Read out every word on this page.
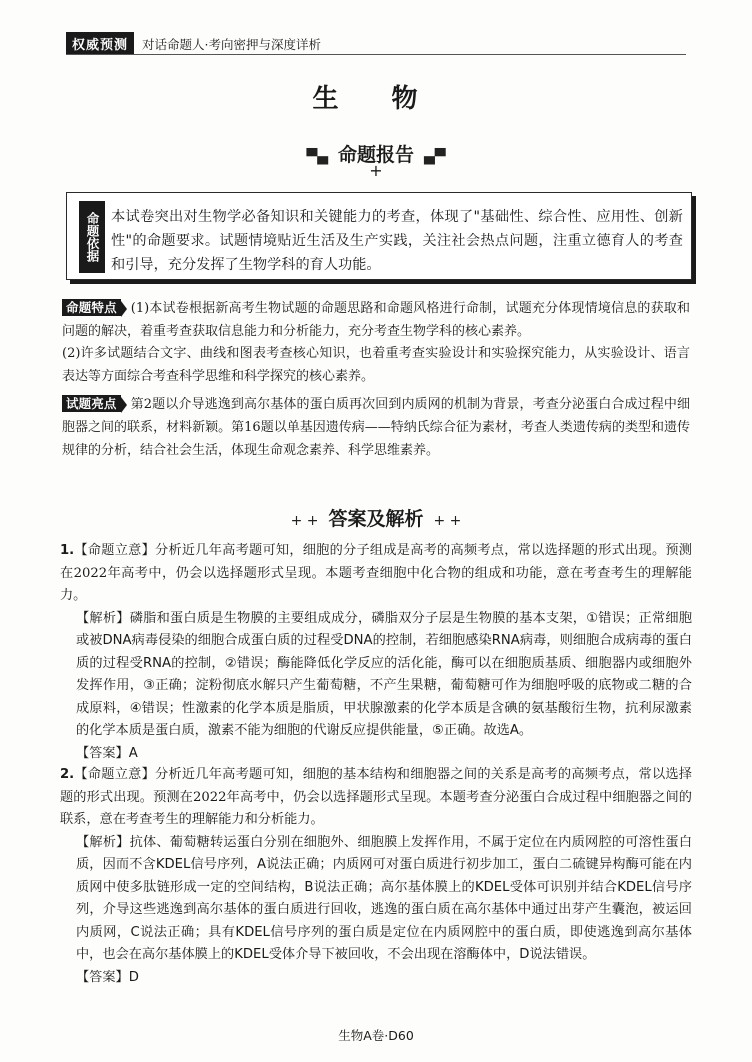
权威预测	对话命题人·考向密押与深度详析
生 物
▀▄ 命题报告 ▄▀
+
命题依据 本试卷突出对生物学必备知识和关键能力的考查，体现了"基础性、综合性、应用性、创新性"的命题要求。试题情境贴近生活及生产实践，关注社会热点问题，注重立德育人的考查和引导，充分发挥了生物学科的育人功能。
命题特点 (1)本试卷根据新高考生物试题的命题思路和命题风格进行命制，试题充分体现情境信息的获取和问题的解决，着重考查获取信息能力和分析能力，充分考查生物学科的核心素养。
(2)许多试题结合文字、曲线和图表考查核心知识，也着重考查实验设计和实验探究能力，从实验设计、语言表达等方面综合考查科学思维和科学探究的核心素养。
试题亮点 第2题以介导逃逸到高尔基体的蛋白质再次回到内质网的机制为背景，考查分泌蛋白合成过程中细胞器之间的联系，材料新颖。第16题以单基因遗传病——特纳氏综合征为素材，考查人类遗传病的类型和遗传规律的分析，结合社会生活，体现生命观念素养、科学思维素养。
+ + 答案及解析 + +
1.【命题立意】分析近几年高考题可知，细胞的分子组成是高考的高频考点，常以选择题的形式出现。预测在2022年高考中，仍会以选择题形式呈现。本题考查细胞中化合物的组成和功能，意在考查考生的理解能力。
【解析】磷脂和蛋白质是生物膜的主要组成成分，磷脂双分子层是生物膜的基本支架，①错误；正常细胞或被DNA病毒侵染的细胞合成蛋白质的过程受DNA的控制，若细胞感染RNA病毒，则细胞合成病毒的蛋白质的过程受RNA的控制，②错误；酶能降低化学反应的活化能，酶可以在细胞质基质、细胞器内或细胞外发挥作用，③正确；淀粉彻底水解只产生葡萄糖，不产生果糖，葡萄糖可作为细胞呼吸的底物或二糖的合成原料，④错误；性激素的化学本质是脂质，甲状腺激素的化学本质是含碘的氨基酸衍生物，抗利尿激素的化学本质是蛋白质，激素不能为细胞的代谢反应提供能量，⑤正确。故选A。
【答案】A
2.【命题立意】分析近几年高考题可知，细胞的基本结构和细胞器之间的关系是高考的高频考点，常以选择题的形式出现。预测在2022年高考中，仍会以选择题形式呈现。本题考查分泌蛋白合成过程中细胞器之间的联系，意在考查考生的理解能力和分析能力。
【解析】抗体、葡萄糖转运蛋白分别在细胞外、细胞膜上发挥作用，不属于定位在内质网腔的可溶性蛋白质，因而不含KDEL信号序列，A说法正确；内质网可对蛋白质进行初步加工，蛋白二硫键异构酶可能在内质网中使多肽链形成一定的空间结构，B说法正确；高尔基体膜上的KDEL受体可识别并结合KDEL信号序列，介导这些逃逸到高尔基体的蛋白质进行回收，逃逸的蛋白质在高尔基体中通过出芽产生囊泡，被运回内质网，C说法正确；具有KDEL信号序列的蛋白质是定位在内质网腔中的蛋白质，即使逃逸到高尔基体中，也会在高尔基体膜上的KDEL受体介导下被回收，不会出现在溶酶体中，D说法错误。
【答案】D
生物A卷·D60
